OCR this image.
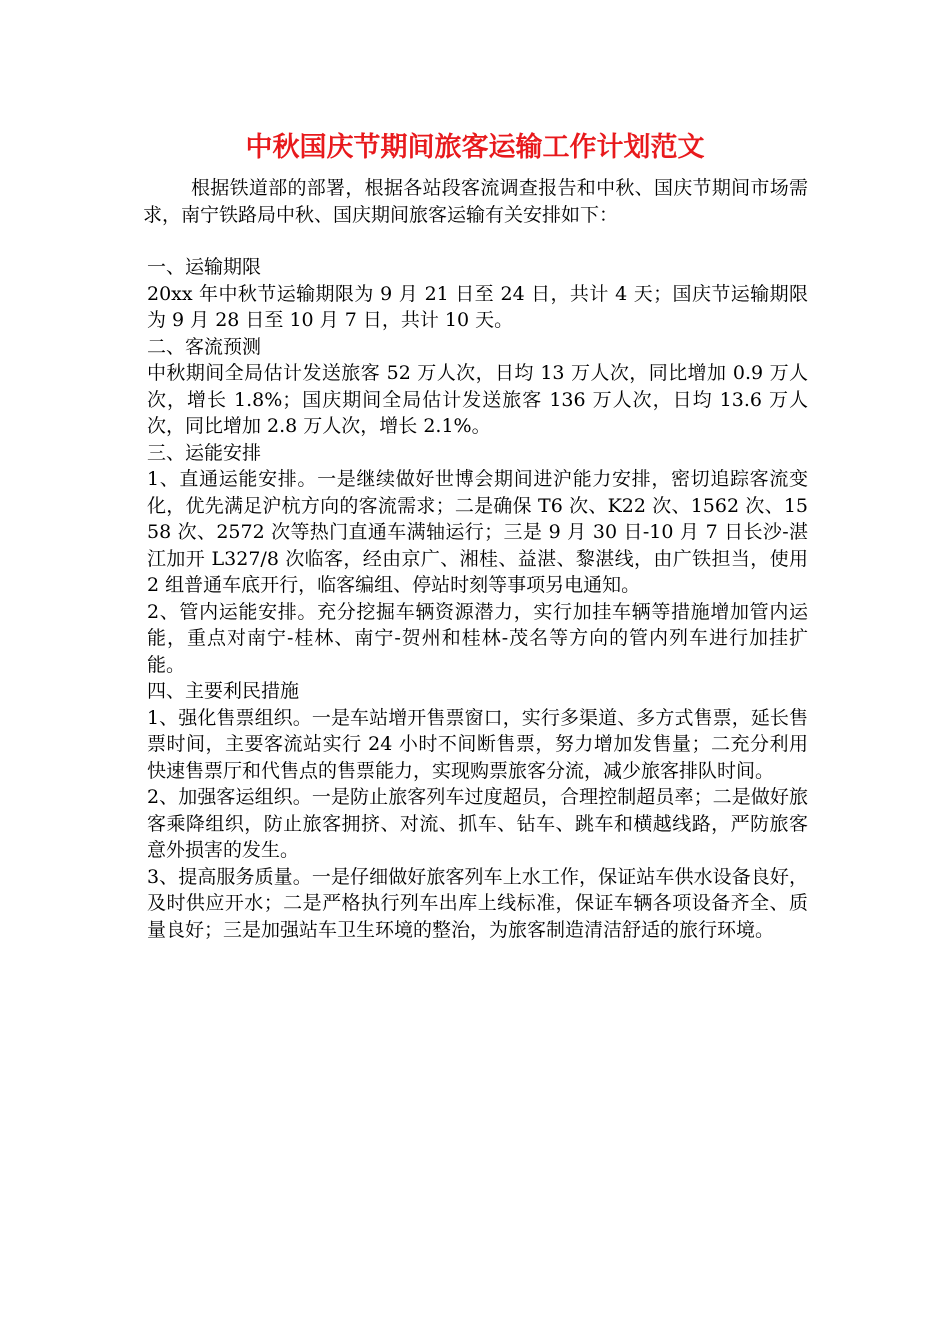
中秋国庆节期间旅客运输工作计划范文

根据铁道部的部署，根据各站段客流调查报告和中秋、国庆节期间市场需求，南宁铁路局中秋、国庆期间旅客运输有关安排如下：

一、运输期限

20xx 年中秋节运输期限为 9 月 21 日至 24 日，共计 4 天；国庆节运输期限为 9 月 28 日至 10 月 7 日，共计 10 天。

二、客流预测

中秋期间全局估计发送旅客 52 万人次，日均 13 万人次，同比增加 0.9 万人次，增长 1.8%；国庆期间全局估计发送旅客 136 万人次，日均 13.6 万人次，同比增加 2.8 万人次，增长 2.1%。

三、运能安排

1、直通运能安排。一是继续做好世博会期间进沪能力安排，密切追踪客流变化，优先满足沪杭方向的客流需求；二是确保 T6 次、K22 次、1562 次、1558 次、2572 次等热门直通车满轴运行；三是 9 月 30 日-10 月 7 日长沙-湛江加开 L327/8 次临客，经由京广、湘桂、益湛、黎湛线，由广铁担当，使用 2 组普通车底开行，临客编组、停站时刻等事项另电通知。

2、管内运能安排。充分挖掘车辆资源潜力，实行加挂车辆等措施增加管内运能，重点对南宁-桂林、南宁-贺州和桂林-茂名等方向的管内列车进行加挂扩能。

四、主要利民措施

1、强化售票组织。一是车站增开售票窗口，实行多渠道、多方式售票，延长售票时间，主要客流站实行 24 小时不间断售票，努力增加发售量；二充分利用快速售票厅和代售点的售票能力，实现购票旅客分流，减少旅客排队时间。

2、加强客运组织。一是防止旅客列车过度超员，合理控制超员率；二是做好旅客乘降组织，防止旅客拥挤、对流、抓车、钻车、跳车和横越线路，严防旅客意外损害的发生。

3、提高服务质量。一是仔细做好旅客列车上水工作，保证站车供水设备良好，及时供应开水；二是严格执行列车出库上线标准，保证车辆各项设备齐全、质量良好；三是加强站车卫生环境的整治，为旅客制造清洁舒适的旅行环境。
